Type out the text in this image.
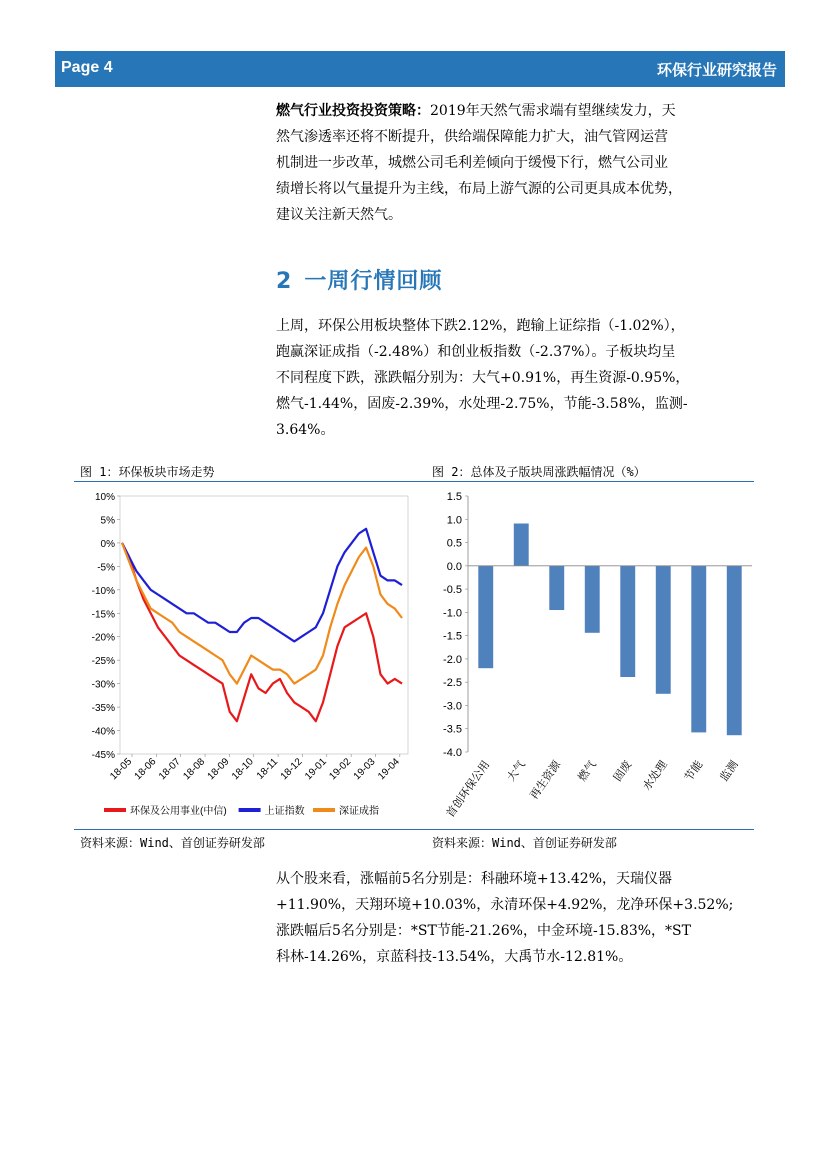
Page 4	环保行业研究报告
燃气行业投资投资策略：2019年天然气需求端有望继续发力，天
然气渗透率还将不断提升，供给端保障能力扩大，油气管网运营
机制进一步改革，城燃公司毛利差倾向于缓慢下行，燃气公司业
绩增长将以气量提升为主线，布局上游气源的公司更具成本优势，
建议关注新天然气。
2 一周行情回顾
上周，环保公用板块整体下跌2.12%，跑输上证综指（-1.02%），
跑赢深证成指（-2.48%）和创业板指数（-2.37%）。子板块均呈
不同程度下跌，涨跌幅分别为：大气+0.91%，再生资源-0.95%，
燃气-1.44%，固废-2.39%，水处理-2.75%，节能-3.58%，监测-
3.64%。
图 1：环保板块市场走势	图 2：总体及子版块周涨跌幅情况（%）
10%
5%
0%
-5%
-10%
-15%
-20%
-25%
-30%
-35%
-40%
-45%
18-05
18-06
18-07
18-08
18-09
18-10 18-11
18-12
19-01
19-02
19-03
19-04
环保及公用事业(中信)	上证指数	深证成指
1.5
1.0
0.5
0.0
-0.5
-1.0
-1.5
-2.0
-2.5
-3.0
-3.5
-4.0
首创环保公用 大气 再生资源 燃气 固废 水处理 节能 监测
资料来源：Wind、首创证券研发部	资料来源：Wind、首创证券研发部
从个股来看，涨幅前5名分别是：科融环境+13.42%，天瑞仪器
+11.90%，天翔环境+10.03%，永清环保+4.92%，龙净环保+3.52%;
涨跌幅后5名分别是：*ST节能-21.26%，中金环境-15.83%，*ST
科林-14.26%，京蓝科技-13.54%，大禹节水-12.81%。
